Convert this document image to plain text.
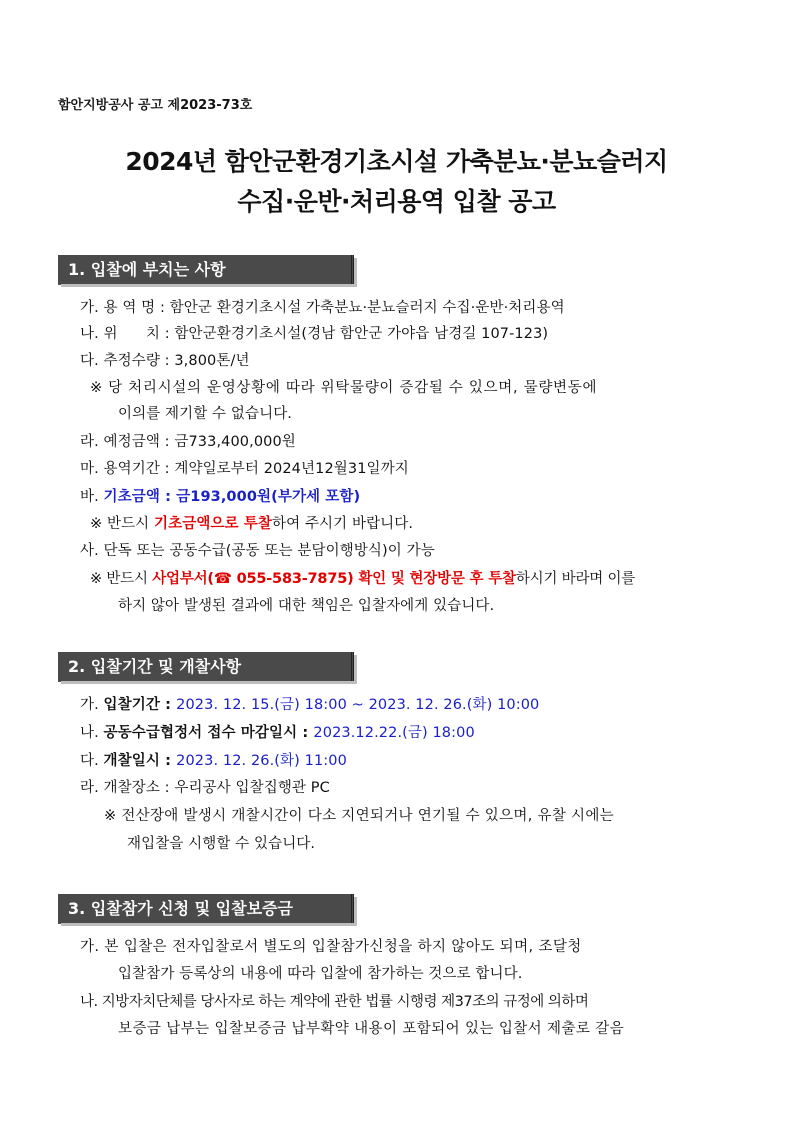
함안지방공사 공고 제2023-73호
2024년 함안군환경기초시설 가축분뇨·분뇨슬러지
수집·운반·처리용역 입찰 공고
1. 입찰에 부치는 사항
가. 용 역 명 : 함안군 환경기초시설 가축분뇨·분뇨슬러지 수집·운반·처리용역
나. 위      치 : 함안군환경기초시설(경남 함안군 가야읍 남경길 107-123)
다. 추정수량 : 3,800톤/년
※ 당 처리시설의 운영상황에 따라 위탁물량이 증감될 수 있으며, 물량변동에
이의를 제기할 수 없습니다.
라. 예정금액 : 금733,400,000원
마. 용역기간 : 계약일로부터 2024년12월31일까지
바. 기초금액 : 금193,000원(부가세 포함)
※ 반드시 기초금액으로 투찰하여 주시기 바랍니다.
사. 단독 또는 공동수급(공동 또는 분담이행방식)이 가능
※ 반드시 사업부서(☎ 055-583-7875) 확인 및 현장방문 후 투찰하시기 바라며 이를
하지 않아 발생된 결과에 대한 책임은 입찰자에게 있습니다.
2. 입찰기간 및 개찰사항
가. 입찰기간 : 2023. 12. 15.(금) 18:00 ~ 2023. 12. 26.(화) 10:00
나. 공동수급협정서 접수 마감일시 : 2023.12.22.(금) 18:00
다. 개찰일시 : 2023. 12. 26.(화) 11:00
라. 개찰장소 : 우리공사 입찰집행관 PC
※ 전산장애 발생시 개찰시간이 다소 지연되거나 연기될 수 있으며, 유찰 시에는
재입찰을 시행할 수 있습니다.
3. 입찰참가 신청 및 입찰보증금
가. 본 입찰은 전자입찰로서 별도의 입찰참가신청을 하지 않아도 되며, 조달청
입찰참가 등록상의 내용에 따라 입찰에 참가하는 것으로 합니다.
나. 지방자치단체를 당사자로 하는 계약에 관한 법률 시행령 제37조의 규정에 의하며
보증금 납부는 입찰보증금 납부확약 내용이 포함되어 있는 입찰서 제출로 갈음
